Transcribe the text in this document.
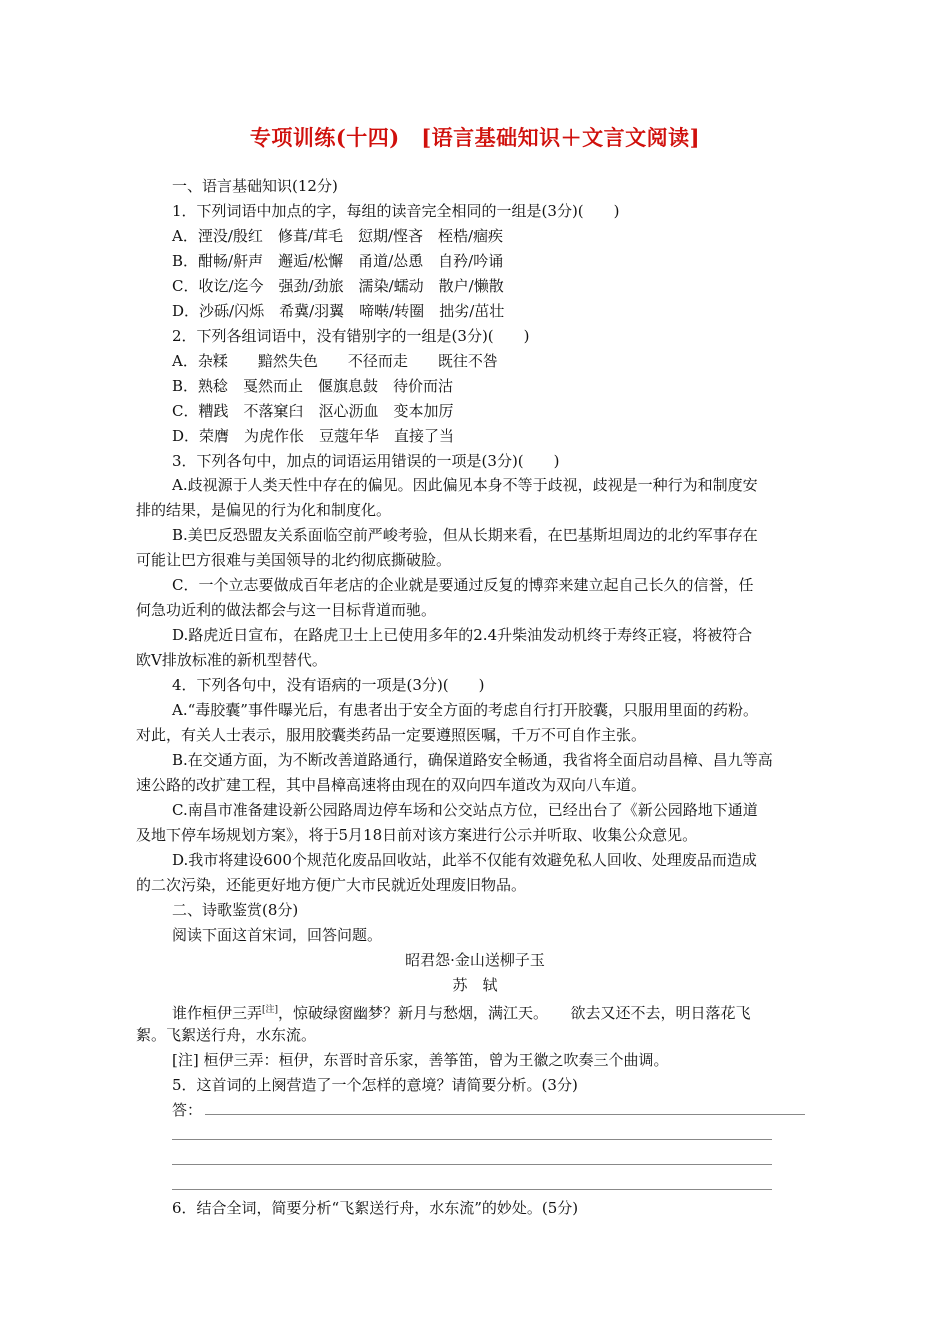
专项训练(十四)　[语言基础知识＋文言文阅读]
一、语言基础知识(12分)
1．下列词语中加点的字，每组的读音完全相同的一组是(3分)(　　)
A．湮没/殷红　修葺/茸毛　愆期/悭吝　桎梏/痼疾
B．酣畅/鼾声　邂逅/松懈　甬道/怂恿　自矜/吟诵
C．收讫/迄今　强劲/劲旅　濡染/蠕动　散户/懒散
D．沙砾/闪烁　希冀/羽翼　啼啭/转圈　拙劣/茁壮
2．下列各组词语中，没有错别字的一组是(3分)(　　)
A．杂糅　　黯然失色　　不径而走　　既往不咎
B．熟稔　戛然而止　偃旗息鼓　待价而沽
C．糟践　不落窠臼　沤心沥血　变本加厉
D．荣膺　为虎作伥　豆蔻年华　直接了当
3．下列各句中，加点的词语运用错误的一项是(3分)(　　)
A.歧视源于人类天性中存在的偏见。因此偏见本身不等于歧视，歧视是一种行为和制度安
排的结果，是偏见的行为化和制度化。
B.美巴反恐盟友关系面临空前严峻考验，但从长期来看，在巴基斯坦周边的北约军事存在
可能让巴方很难与美国领导的北约彻底撕破脸。
C．一个立志要做成百年老店的企业就是要通过反复的博弈来建立起自己长久的信誉，任
何急功近利的做法都会与这一目标背道而驰。
D.路虎近日宣布，在路虎卫士上已使用多年的2.4升柴油发动机终于寿终正寝，将被符合
欧Ⅴ排放标准的新机型替代。
4．下列各句中，没有语病的一项是(3分)(　　)
A.“毒胶囊”事件曝光后，有患者出于安全方面的考虑自行打开胶囊，只服用里面的药粉。
对此，有关人士表示，服用胶囊类药品一定要遵照医嘱，千万不可自作主张。
B.在交通方面，为不断改善道路通行，确保道路安全畅通，我省将全面启动昌樟、昌九等高
速公路的改扩建工程，其中昌樟高速将由现在的双向四车道改为双向八车道。
C.南昌市准备建设新公园路周边停车场和公交站点方位，已经出台了《新公园路地下通道
及地下停车场规划方案》，将于5月18日前对该方案进行公示并听取、收集公众意见。
D.我市将建设600个规范化废品回收站，此举不仅能有效避免私人回收、处理废品而造成
的二次污染，还能更好地方便广大市民就近处理废旧物品。
二、诗歌鉴赏(8分)
阅读下面这首宋词，回答问题。
昭君怨·金山送柳子玉
苏　轼
谁作桓伊三弄[注]，惊破绿窗幽梦？新月与愁烟，满江天。　　欲去又还不去，明日落花飞
絮。飞絮送行舟，水东流。
[注] 桓伊三弄：桓伊，东晋时音乐家，善筝笛，曾为王徽之吹奏三个曲调。
5．这首词的上阕营造了一个怎样的意境？请简要分析。(3分)
答：
6．结合全词，简要分析“飞絮送行舟，水东流”的妙处。(5分)
